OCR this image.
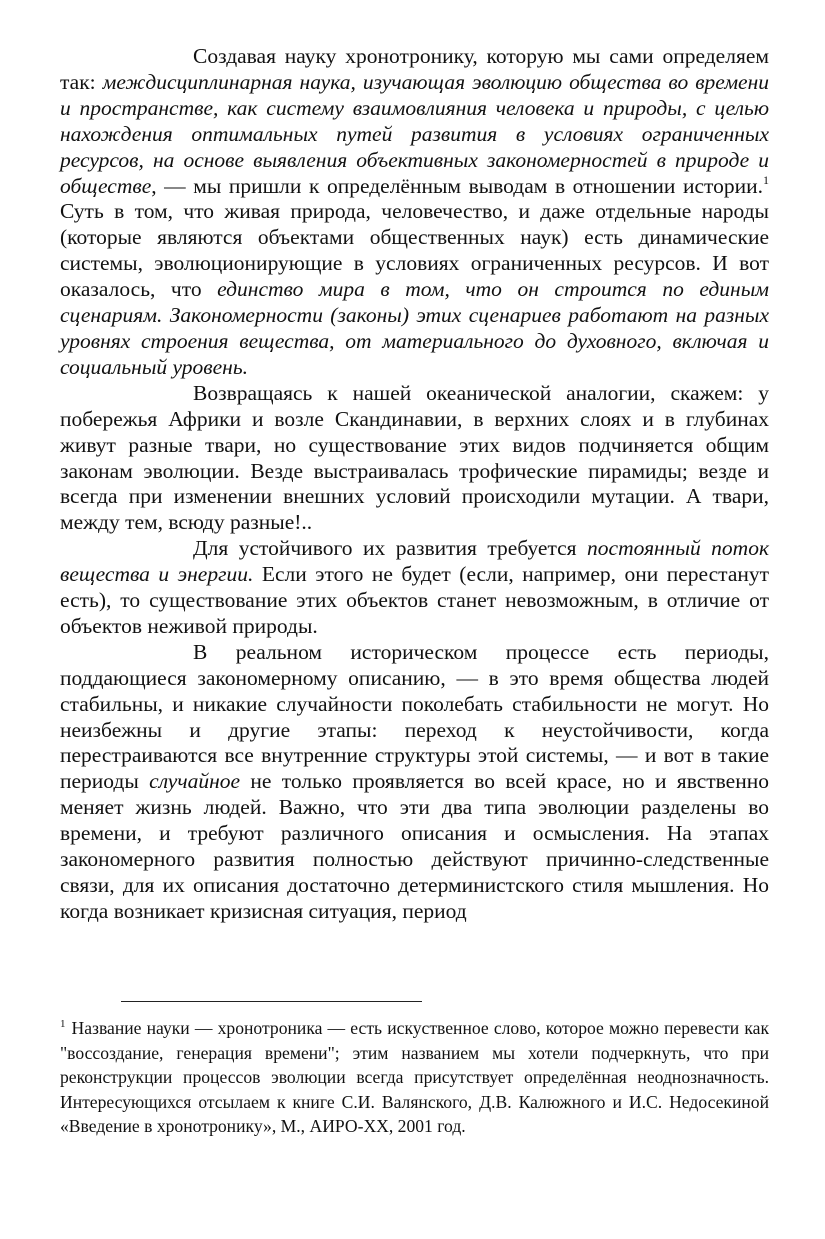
Создавая науку хронотронику, которую мы сами определяем так: междисциплинарная наука, изучающая эволюцию общества во времени и пространстве, как систему взаимовлияния человека и природы, с целью нахождения оптимальных путей развития в условиях ограниченных ресурсов, на основе выявления объективных закономерностей в природе и обществе, — мы пришли к определённым выводам в отношении истории.$^1$ Суть в том, что живая природа, человечество, и даже отдельные народы (которые являются объектами общественных наук) есть динамические системы, эволюционирующие в условиях ограниченных ресурсов. И вот оказалось, что единство мира в том, что он строится по единым сценариям. Закономерности (законы) этих сценариев работают на разных уровнях строения вещества, от материального до духовного, включая и социальный уровень.

Возвращаясь к нашей океанической аналогии, скажем: у побережья Африки и возле Скандинавии, в верхних слоях и в глубинах живут разные твари, но существование этих видов подчиняется общим законам эволюции. Везде выстраивалась трофические пирамиды; везде и всегда при изменении внешних условий происходили мутации. А твари, между тем, всюду разные!..

Для устойчивого их развития требуется постоянный поток вещества и энергии. Если этого не будет (если, например, они перестанут есть), то существование этих объектов станет невозможным, в отличие от объектов неживой природы.

В реальном историческом процессе есть периоды, поддающиеся закономерному описанию, — в это время общества людей стабильны, и никакие случайности поколебать стабильности не могут. Но неизбежны и другие этапы: переход к неустойчивости, когда перестраиваются все внутренние структуры этой системы, — и вот в такие периоды случайное не только проявляется во всей красе, но и явственно меняет жизнь людей. Важно, что эти два типа эволюции разделены во времени, и требуют различного описания и осмысления. На этапах закономерного развития полностью действуют причинно-следственные связи, для их описания достаточно детерминистского стиля мышления. Но когда возникает кризисная ситуация, период

$^1$ Название науки — хронотроника — есть искуственное слово, которое можно перевести как "воссоздание, генерация времени"; этим названием мы хотели подчеркнуть, что при реконструкции процессов эволюции всегда присутствует определённая неоднозначность. Интересующихся отсылаем к книге С.И. Валянского, Д.В. Калюжного и И.С. Недосекиной «Введение в хронотронику», М., АИРО-XX, 2001 год.
